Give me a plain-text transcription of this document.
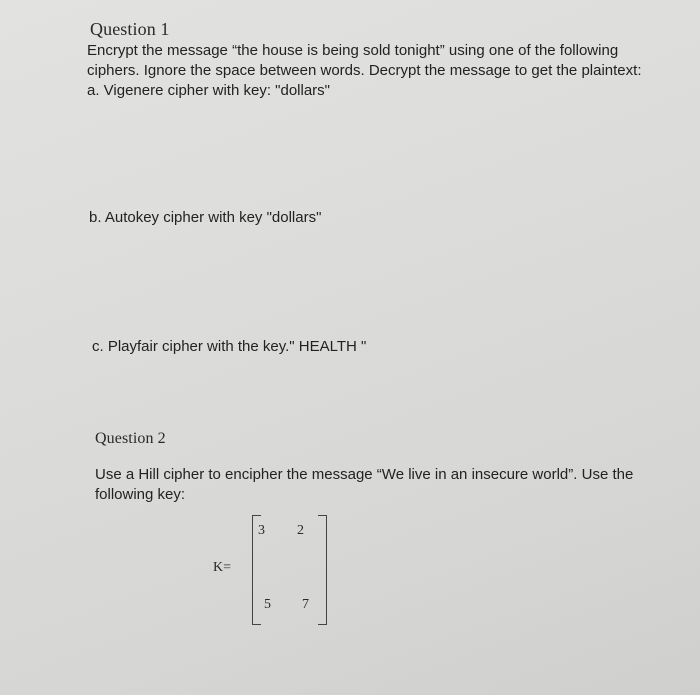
Question 1
Encrypt the message “the house is being sold tonight” using one of the following
ciphers. Ignore the space between words. Decrypt the message to get the plaintext:
a. Vigenere cipher with key: "dollars"
b. Autokey cipher with key "dollars"
c. Playfair cipher with the key." HEALTH "
Question 2
Use a Hill cipher to encipher the message “We live in an insecure world”. Use the
following key:
K=
3 2
5 7
